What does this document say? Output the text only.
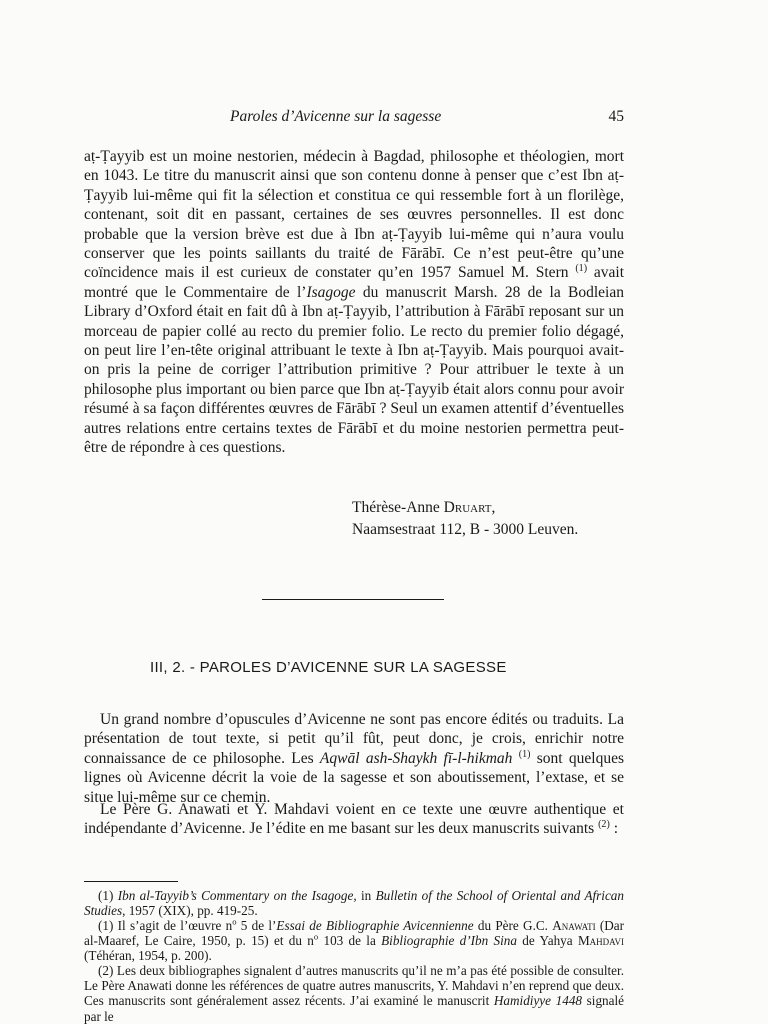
Paroles d’Avicenne sur la sagesse	45

aṭ-Ṭayyib est un moine nestorien, médecin à Bagdad, philosophe et théologien, mort en 1043. Le titre du manuscrit ainsi que son contenu donne à penser que c’est Ibn aṭ-Ṭayyib lui-même qui fit la sélection et constitua ce qui ressemble fort à un florilège, contenant, soit dit en passant, certaines de ses œuvres personnelles. Il est donc probable que la version brève est due à Ibn aṭ-Ṭayyib lui-même qui n’aura voulu conserver que les points saillants du traité de Fārābī. Ce n’est peut-être qu’une coïncidence mais il est curieux de constater qu’en 1957 Samuel M. Stern $^{(1)}$ avait montré que le Commentaire de l’Isagoge du manuscrit Marsh. 28 de la Bodleian Library d’Oxford était en fait dû à Ibn aṭ-Ṭayyib, l’attribution à Fārābī reposant sur un morceau de papier collé au recto du premier folio. Le recto du premier folio dégagé, on peut lire l’en-tête original attribuant le texte à Ibn aṭ-Ṭayyib. Mais pourquoi avait-on pris la peine de corriger l’attribution primitive ? Pour attribuer le texte à un philosophe plus important ou bien parce que Ibn aṭ-Ṭayyib était alors connu pour avoir résumé à sa façon différentes œuvres de Fārābī ? Seul un examen attentif d’éventuelles autres relations entre certains textes de Fārābī et du moine nestorien permettra peut-être de répondre à ces questions.

Thérèse-Anne Druart,
Naamsestraat 112, B - 3000 Leuven.
III, 2. - PAROLES D’AVICENNE SUR LA SAGESSE

Un grand nombre d’opuscules d’Avicenne ne sont pas encore édités ou traduits. La présentation de tout texte, si petit qu’il fût, peut donc, je crois, enrichir notre connaissance de ce philosophe. Les Aqwāl ash-Shaykh fī-l-hikmah $^{(1)}$ sont quelques lignes où Avicenne décrit la voie de la sagesse et son aboutissement, l’extase, et se situe lui-même sur ce chemin.

Le Père G. Anawati et Y. Mahdavi voient en ce texte une œuvre authentique et indépendante d’Avicenne. Je l’édite en me basant sur les deux manuscrits suivants $^{(2)}$ :

(1) Ibn al-Tayyib’s Commentary on the Isagoge, in Bulletin of the School of Oriental and African Studies, 1957 (XIX), pp. 419-25.

(1) Il s’agit de l’œuvre $n^o$ 5 de l’Essai de Bibliographie Avicennienne du Père G.C. Anawati (Dar al-Maaref, Le Caire, 1950, p. 15) et du $n^o$ 103 de la Bibliographie d’Ibn Sina de Yahya Mahdavi (Téhéran, 1954, p. 200).

(2) Les deux bibliographes signalent d’autres manuscrits qu’il ne m’a pas été possible de consulter. Le Père Anawati donne les références de quatre autres manuscrits, Y. Mahdavi n’en reprend que deux. Ces manuscrits sont généralement assez récents. J’ai examiné le manuscrit Hamidiyye 1448 signalé par le
